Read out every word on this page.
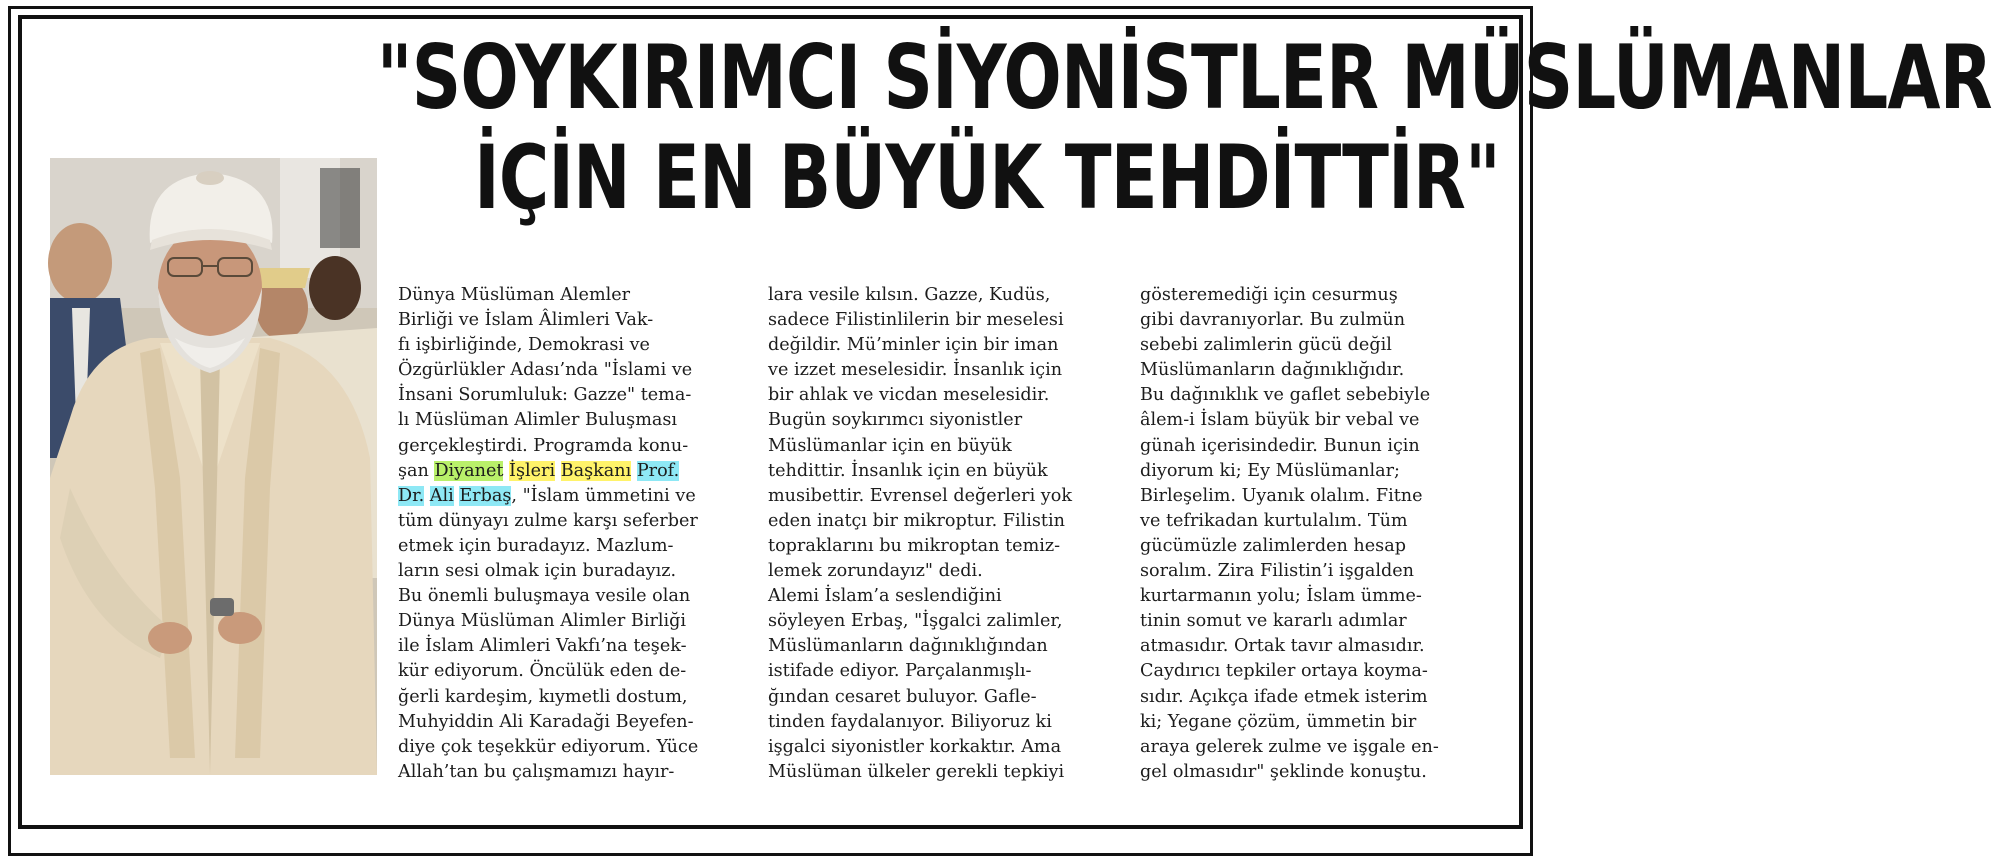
"SOYKIRIMCI SİYONİSTLER MÜSLÜMANLAR
İÇİN EN BÜYÜK TEHDİTTİR"
Dünya Müslüman Alemler
Birliği ve İslam Âlimleri Vak-
fı işbirliğinde, Demokrasi ve
Özgürlükler Adası’nda "İslami ve
İnsani Sorumluluk: Gazze" tema-
lı Müslüman Alimler Buluşması
gerçekleştirdi. Programda konu-
şan Diyanet İşleri Başkanı Prof.
Dr. Ali Erbaş, "İslam ümmetini ve
tüm dünyayı zulme karşı seferber
etmek için buradayız. Mazlum-
ların sesi olmak için buradayız.
Bu önemli buluşmaya vesile olan
Dünya Müslüman Alimler Birliği
ile İslam Alimleri Vakfı’na teşek-
kür ediyorum. Öncülük eden de-
ğerli kardeşim, kıymetli dostum,
Muhyiddin Ali Karadaği Beyefen-
diye çok teşekkür ediyorum. Yüce
Allah’tan bu çalışmamızı hayır-
lara vesile kılsın. Gazze, Kudüs,
sadece Filistinlilerin bir meselesi
değildir. Mü’minler için bir iman
ve izzet meselesidir. İnsanlık için
bir ahlak ve vicdan meselesidir.
Bugün soykırımcı siyonistler
Müslümanlar için en büyük
tehdittir. İnsanlık için en büyük
musibettir. Evrensel değerleri yok
eden inatçı bir mikroptur. Filistin
topraklarını bu mikroptan temiz-
lemek zorundayız" dedi.
Alemi İslam’a seslendiğini
söyleyen Erbaş, "İşgalci zalimler,
Müslümanların dağınıklığından
istifade ediyor. Parçalanmışlı-
ğından cesaret buluyor. Gafle-
tinden faydalanıyor. Biliyoruz ki
işgalci siyonistler korkaktır. Ama
Müslüman ülkeler gerekli tepkiyi
gösteremediği için cesurmuş
gibi davranıyorlar. Bu zulmün
sebebi zalimlerin gücü değil
Müslümanların dağınıklığıdır.
Bu dağınıklık ve gaflet sebebiyle
âlem-i İslam büyük bir vebal ve
günah içerisindedir. Bunun için
diyorum ki; Ey Müslümanlar;
Birleşelim. Uyanık olalım. Fitne
ve tefrikadan kurtulalım. Tüm
gücümüzle zalimlerden hesap
soralım. Zira Filistin’i işgalden
kurtarmanın yolu; İslam ümme-
tinin somut ve kararlı adımlar
atmasıdır. Ortak tavır almasıdır.
Caydırıcı tepkiler ortaya koyma-
sıdır. Açıkça ifade etmek isterim
ki; Yegane çözüm, ümmetin bir
araya gelerek zulme ve işgale en-
gel olmasıdır" şeklinde konuştu.
